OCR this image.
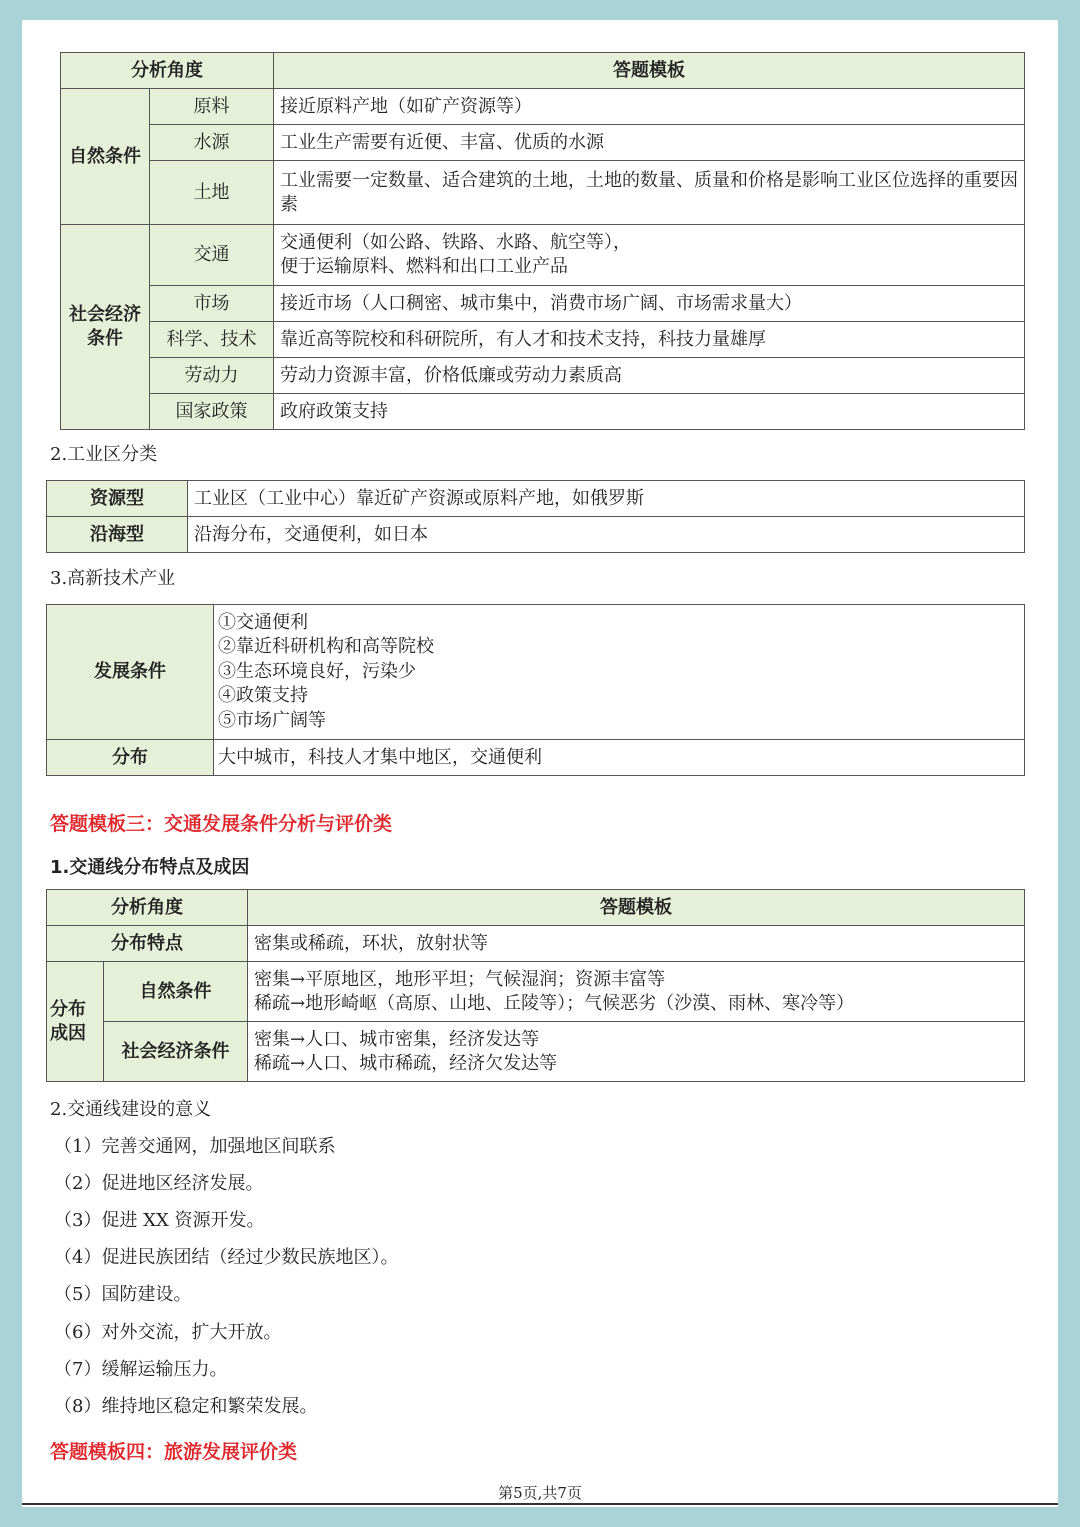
分析角度		答题模板
自然条件	原料	接近原料产地（如矿产资源等）
	水源	工业生产需要有近便、丰富、优质的水源
	土地	工业需要一定数量、适合建筑的土地，土地的数量、质量和价格是影响工业区位选择的重要因素
社会经济条件	交通	交通便利（如公路、铁路、水路、航空等），
便于运输原料、燃料和出口工业产品

	市场	接近市场（人口稠密、城市集中，消费市场广阔、市场需求量大）
	科学、技术	靠近高等院校和科研院所，有人才和技术支持，科技力量雄厚
	劳动力	劳动力资源丰富，价格低廉或劳动力素质高
	国家政策	政府政策支持
2.工业区分类
资源型	工业区（工业中心）靠近矿产资源或原料产地，如俄罗斯
沿海型	沿海分布，交通便利，如日本
3.高新技术产业
发展条件	①交通便利
②靠近科研机构和高等院校
③生态环境良好，污染少
④政策支持
⑤市场广阔等

分布	大中城市，科技人才集中地区，交通便利
答题模板三：交通发展条件分析与评价类
1.交通线分布特点及成因
分析角度		答题模板
分布特点		密集或稀疏，环状，放射状等
分布成因	自然条件	密集→平原地区，地形平坦；气候湿润；资源丰富等
稀疏→地形崎岖（高原、山地、丘陵等）；气候恶劣（沙漠、雨林、寒冷等）

	社会经济条件	密集→人口、城市密集，经济发达等
稀疏→人口、城市稀疏，经济欠发达等
2.交通线建设的意义
（1）完善交通网，加强地区间联系
（2）促进地区经济发展。
（3）促进 XX 资源开发。
（4）促进民族团结（经过少数民族地区）。
（5）国防建设。
（6）对外交流，扩大开放。
（7）缓解运输压力。
（8）维持地区稳定和繁荣发展。
答题模板四：旅游发展评价类
第5页,共7页
